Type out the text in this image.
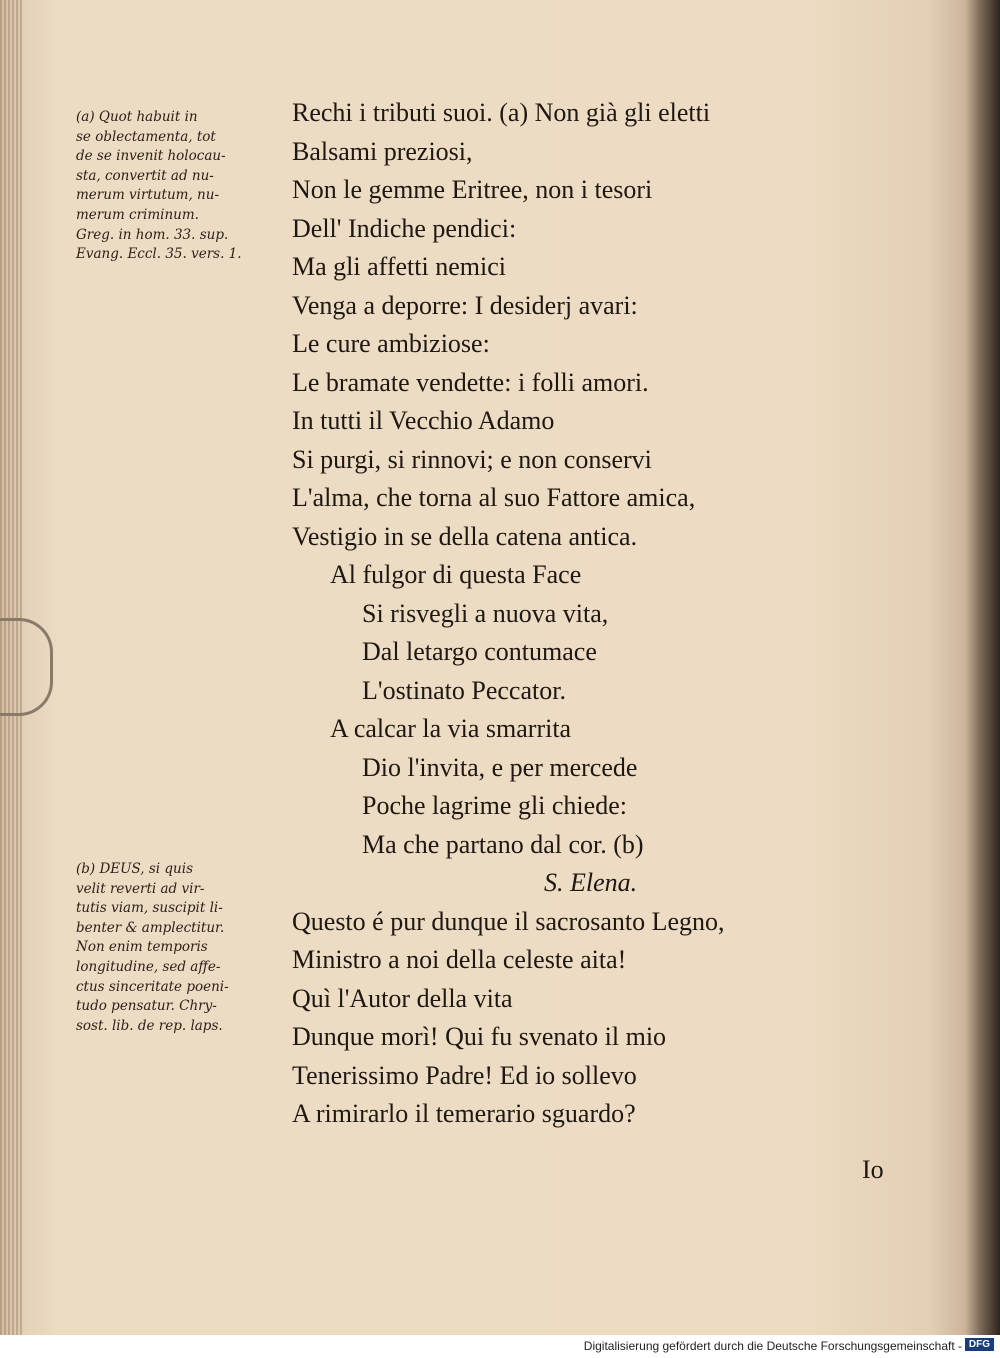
(a) Quot habuit in
se oblectamenta, tot
de se invenit holocau-
sta, convertit ad nu-
merum virtutum, nu-
merum criminum.
Greg. in hom. 33. sup.
Evang. Eccl. 35. vers. 1.
(b) DEUS, si quis
velit reverti ad vir-
tutis viam, suscipit li-
benter & amplectitur.
Non enim temporis
longitudine, sed affe-
ctus sinceritate poeni-
tudo pensatur. Chry-
sost. lib. de rep. laps.
Rechi i tributi suoi. (a) Non già gli eletti
Balsami preziosi,
Non le gemme Eritree, non i tesori
Dell' Indiche pendici:
Ma gli affetti nemici
Venga a deporre: I desiderj avari:
Le cure ambiziose:
Le bramate vendette: i folli amori.
In tutti il Vecchio Adamo
Si purgi, si rinnovi; e non conservi
L'alma, che torna al suo Fattore amica,
Vestigio in se della catena antica.
Al fulgor di questa Face
Si risvegli a nuova vita,
Dal letargo contumace
L'ostinato Peccator.
A calcar la via smarrita
Dio l'invita, e per mercede
Poche lagrime gli chiede:
Ma che partano dal cor. (b)
S. Elena.
Questo é pur dunque il sacrosanto Legno,
Ministro a noi della celeste aita!
Quì l'Autor della vita
Dunque morì! Qui fu svenato il mio
Tenerissimo Padre! Ed io sollevo
A rimirarlo il temerario sguardo?
Io
Digitalisierung gefördert durch die Deutsche Forschungsgemeinschaft - DFG
